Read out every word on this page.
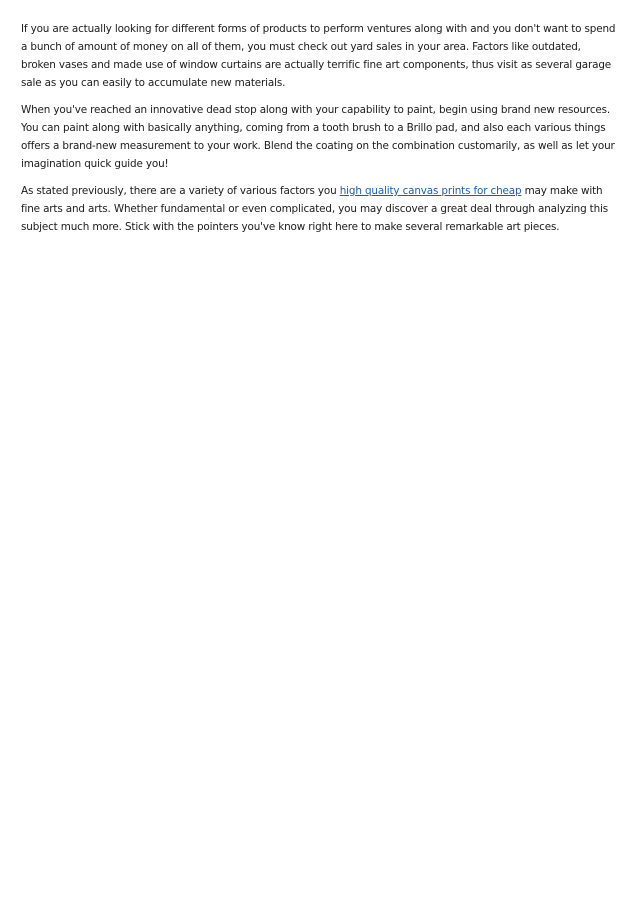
If you are actually looking for different forms of products to perform ventures along with and you don't want to spend a bunch of amount of money on all of them, you must check out yard sales in your area. Factors like outdated, broken vases and made use of window curtains are actually terrific fine art components, thus visit as several garage sale as you can easily to accumulate new materials.

When you've reached an innovative dead stop along with your capability to paint, begin using brand new resources. You can paint along with basically anything, coming from a tooth brush to a Brillo pad, and also each various things offers a brand-new measurement to your work. Blend the coating on the combination customarily, as well as let your imagination quick guide you!

As stated previously, there are a variety of various factors you high quality canvas prints for cheap may make with fine arts and arts. Whether fundamental or even complicated, you may discover a great deal through analyzing this subject much more. Stick with the pointers you've know right here to make several remarkable art pieces.
